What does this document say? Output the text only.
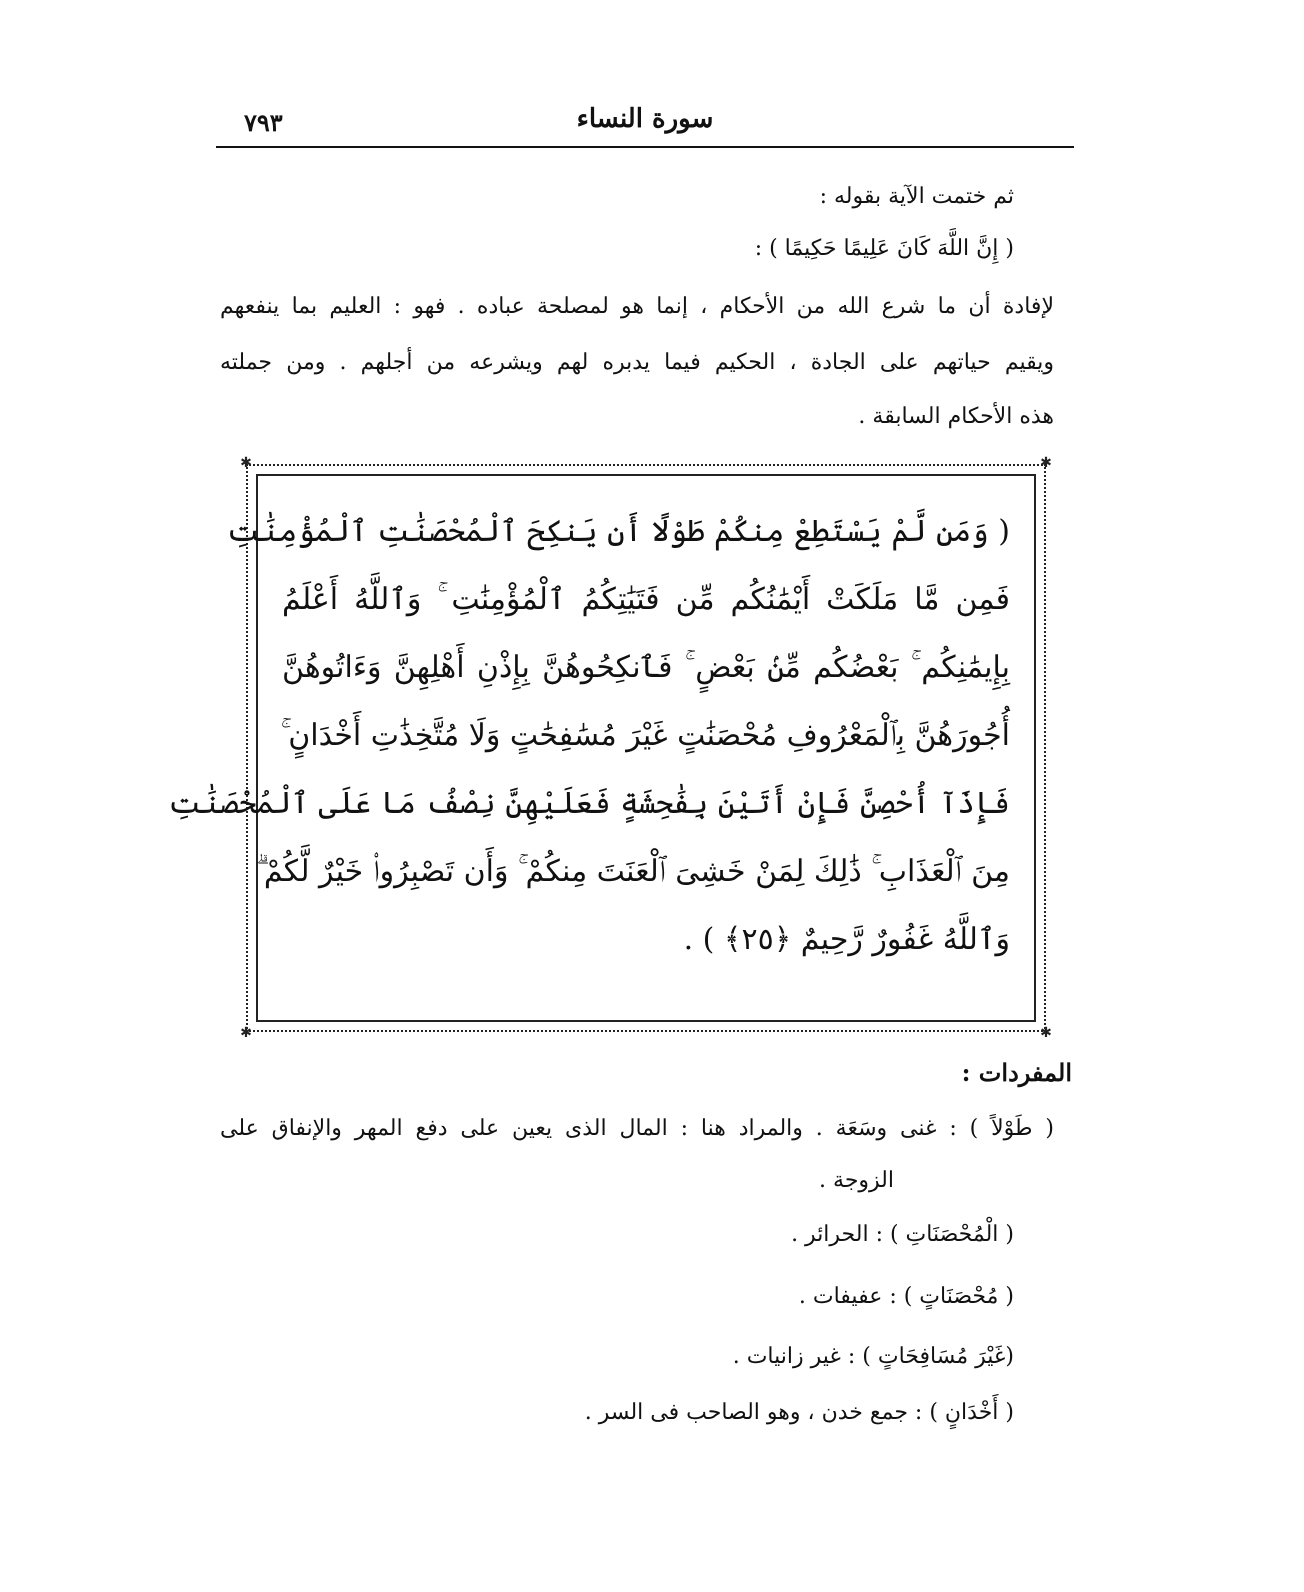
٧٩٣	سورة النساء
ثم ختمت الآية بقوله :
( إِنَّ اللَّهَ كَانَ عَلِيمًا حَكِيمًا ) :
لإفادة أن ما شرع الله من الأحكام ، إنما هو لمصلحة عباده . فهو : العليم بما ينفعهم
ويقيم حياتهم على الجادة ، الحكيم فيما يدبره لهم ويشرعه من أجلهم . ومن جملته
هذه الأحكام السابقة .
✱	✱
✱	✱
( وَمَن لَّمْ يَسْتَطِعْ مِنكُمْ طَوْلًا أَن يَنكِحَ ٱلْمُحْصَنَٰتِ ٱلْمُؤْمِنَٰتِ
فَمِن مَّا مَلَكَتْ أَيْمَٰنُكُم مِّن فَتَيَٰتِكُمُ ٱلْمُؤْمِنَٰتِ ۚ وَٱللَّهُ أَعْلَمُ
بِإِيمَٰنِكُم ۚ بَعْضُكُم مِّنۢ بَعْضٍ ۚ فَٱنكِحُوهُنَّ بِإِذْنِ أَهْلِهِنَّ وَءَاتُوهُنَّ
أُجُورَهُنَّ بِٱلْمَعْرُوفِ مُحْصَنَٰتٍ غَيْرَ مُسَٰفِحَٰتٍ وَلَا مُتَّخِذَٰتِ أَخْدَانٍ ۚ
فَإِذَآ أُحْصِنَّ فَإِنْ أَتَيْنَ بِفَٰحِشَةٍ فَعَلَيْهِنَّ نِصْفُ مَا عَلَى ٱلْمُحْصَنَٰتِ
مِنَ ٱلْعَذَابِ ۚ ذَٰلِكَ لِمَنْ خَشِىَ ٱلْعَنَتَ مِنكُمْ ۚ وَأَن تَصْبِرُوا۟ خَيْرٌ لَّكُمْ ۗ
وَٱللَّهُ غَفُورٌ رَّحِيمٌ ﴿٢٥﴾ ) .
المفردات :
( طَوْلاً ) : غنى وسَعَة . والمراد هنا : المال الذى يعين على دفع المهر والإنفاق على
الزوجة .
( الْمُحْصَنَاتِ ) : الحرائر .
( مُحْصَنَاتٍ ) : عفيفات .
(غَيْرَ مُسَافِحَاتٍ ) : غير زانيات .
( أَخْدَانٍ ) : جمع خدن ، وهو الصاحب فى السر .
